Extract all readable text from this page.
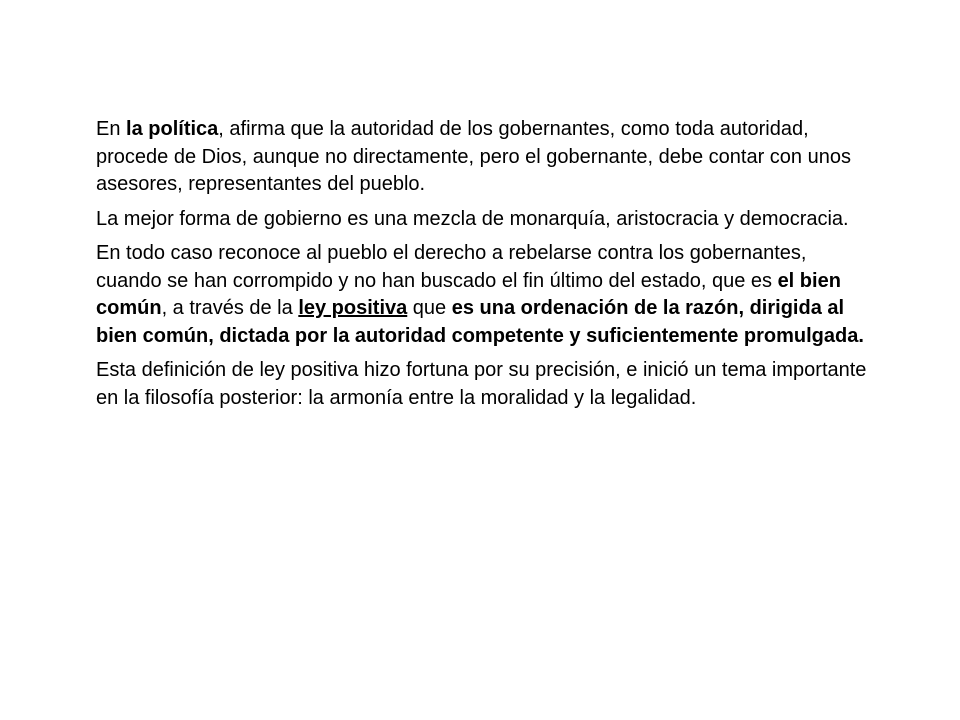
En la política, afirma que la autoridad de los gobernantes, como toda autoridad, procede de Dios, aunque no directamente, pero el gobernante, debe contar con unos asesores, representantes del pueblo.

La mejor forma de gobierno es una mezcla de monarquía, aristocracia y democracia.

En todo caso reconoce al pueblo el derecho a rebelarse contra los gobernantes, cuando se han corrompido y no han buscado el fin último del estado, que es el bien común, a través de la ley positiva que es una ordenación de la razón, dirigida al bien común, dictada por la autoridad competente y suficientemente promulgada.

Esta definición de ley positiva hizo fortuna por su precisión, e inició un tema importante en la filosofía posterior: la armonía entre la moralidad y la legalidad.
